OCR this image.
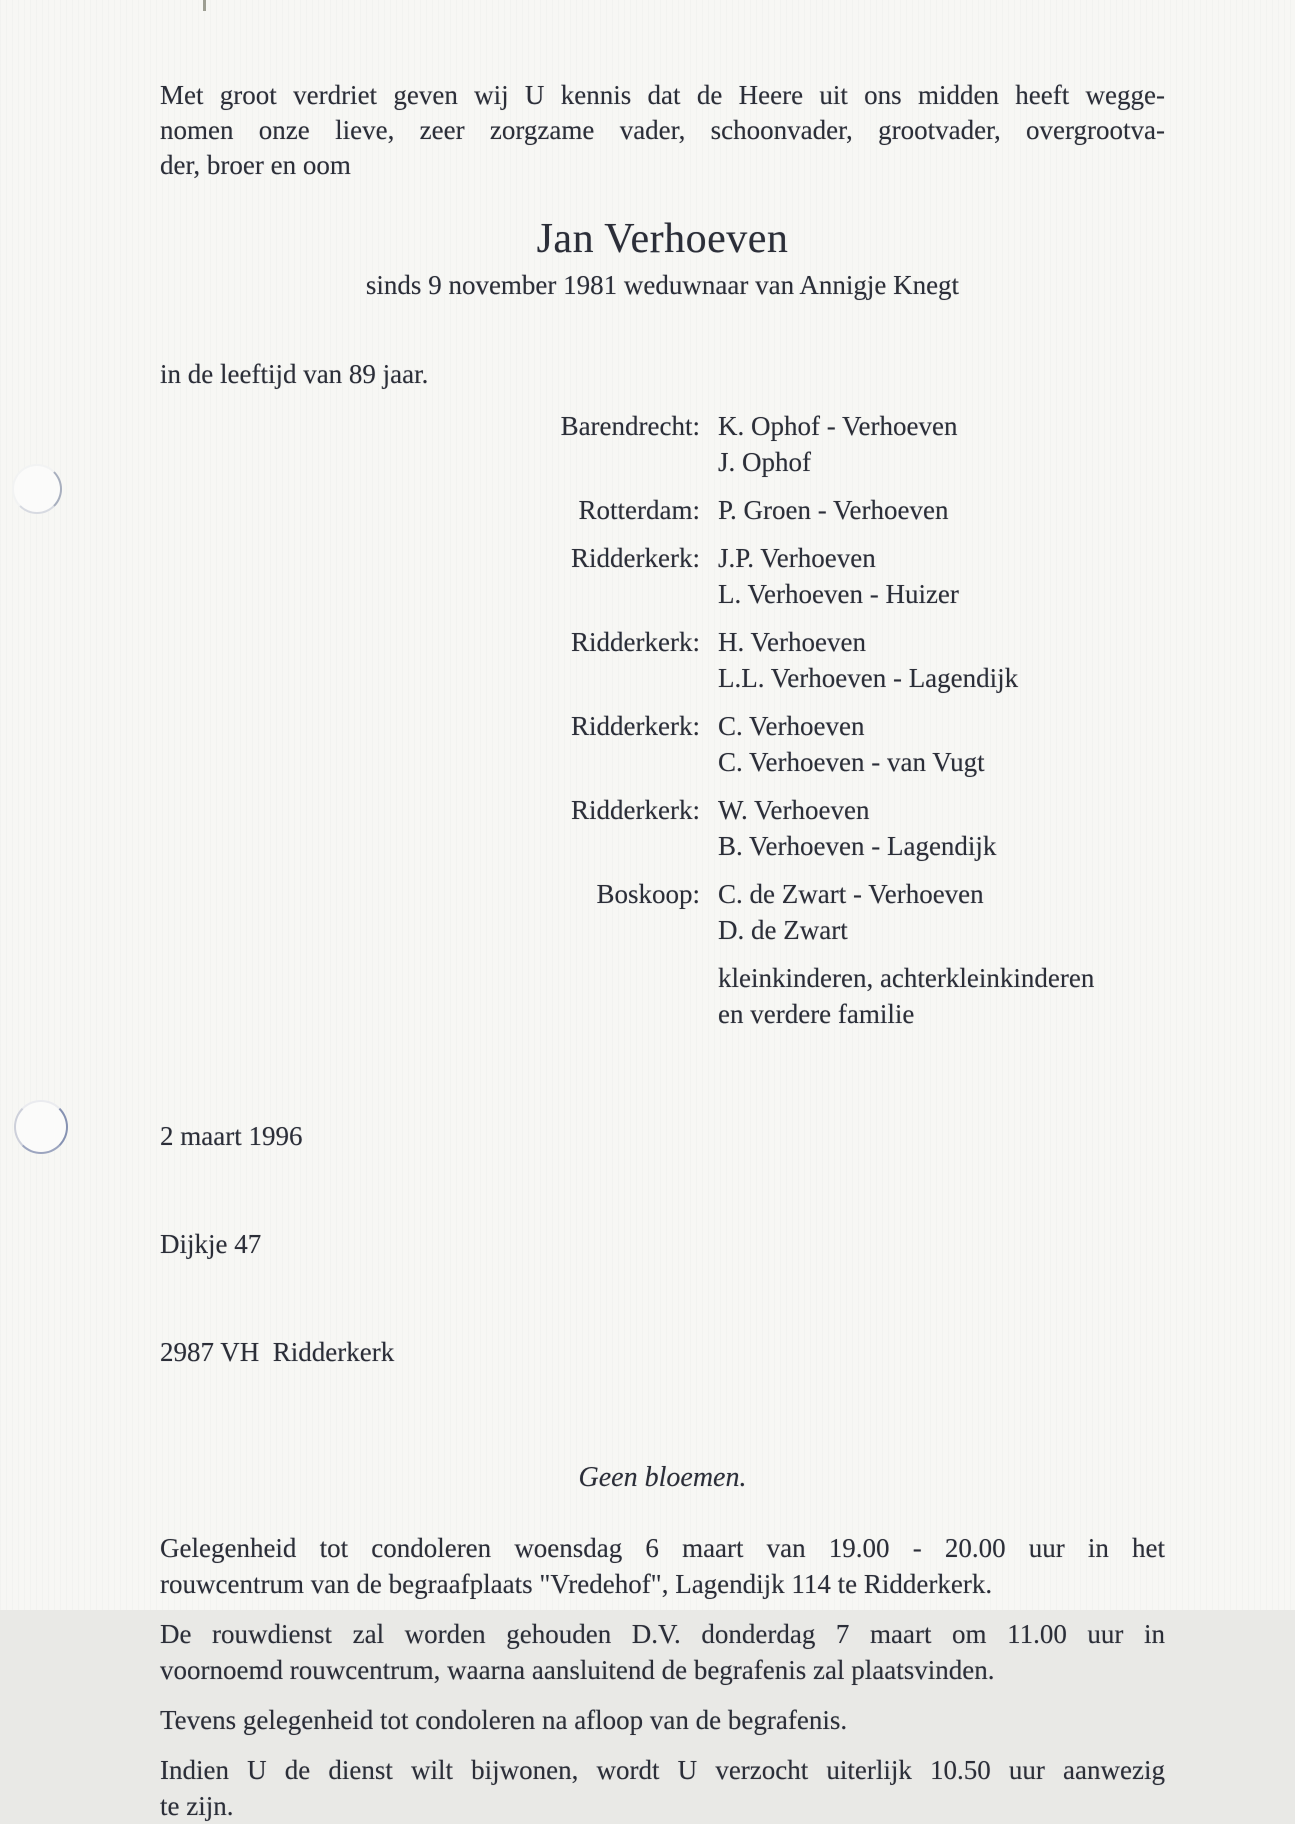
Met groot verdriet geven wij U kennis dat de Heere uit ons midden heeft wegge-
nomen onze lieve, zeer zorgzame vader, schoonvader, grootvader, overgrootva-
der, broer en oom
Jan Verhoeven
sinds 9 november 1981 weduwnaar van Annigje Knegt
in de leeftijd van 89 jaar.
Barendrecht: K. Ophof - Verhoeven
J. Ophof
Rotterdam: P. Groen - Verhoeven
Ridderkerk: J.P. Verhoeven
L. Verhoeven - Huizer
Ridderkerk: H. Verhoeven
L.L. Verhoeven - Lagendijk
Ridderkerk: C. Verhoeven
C. Verhoeven - van Vugt
Ridderkerk: W. Verhoeven
B. Verhoeven - Lagendijk
Boskoop: C. de Zwart - Verhoeven
D. de Zwart
kleinkinderen, achterkleinkinderen
en verdere familie

2 maart 1996

Dijkje 47

2987 VH  Ridderkerk

Geen bloemen.
Gelegenheid tot condoleren woensdag 6 maart van 19.00 - 20.00 uur in het
rouwcentrum van de begraafplaats "Vredehof", Lagendijk 114 te Ridderkerk.
De rouwdienst zal worden gehouden D.V. donderdag 7 maart om 11.00 uur in
voornoemd rouwcentrum, waarna aansluitend de begrafenis zal plaatsvinden.
Tevens gelegenheid tot condoleren na afloop van de begrafenis.
Indien U de dienst wilt bijwonen, wordt U verzocht uiterlijk 10.50 uur aanwezig
te zijn.
